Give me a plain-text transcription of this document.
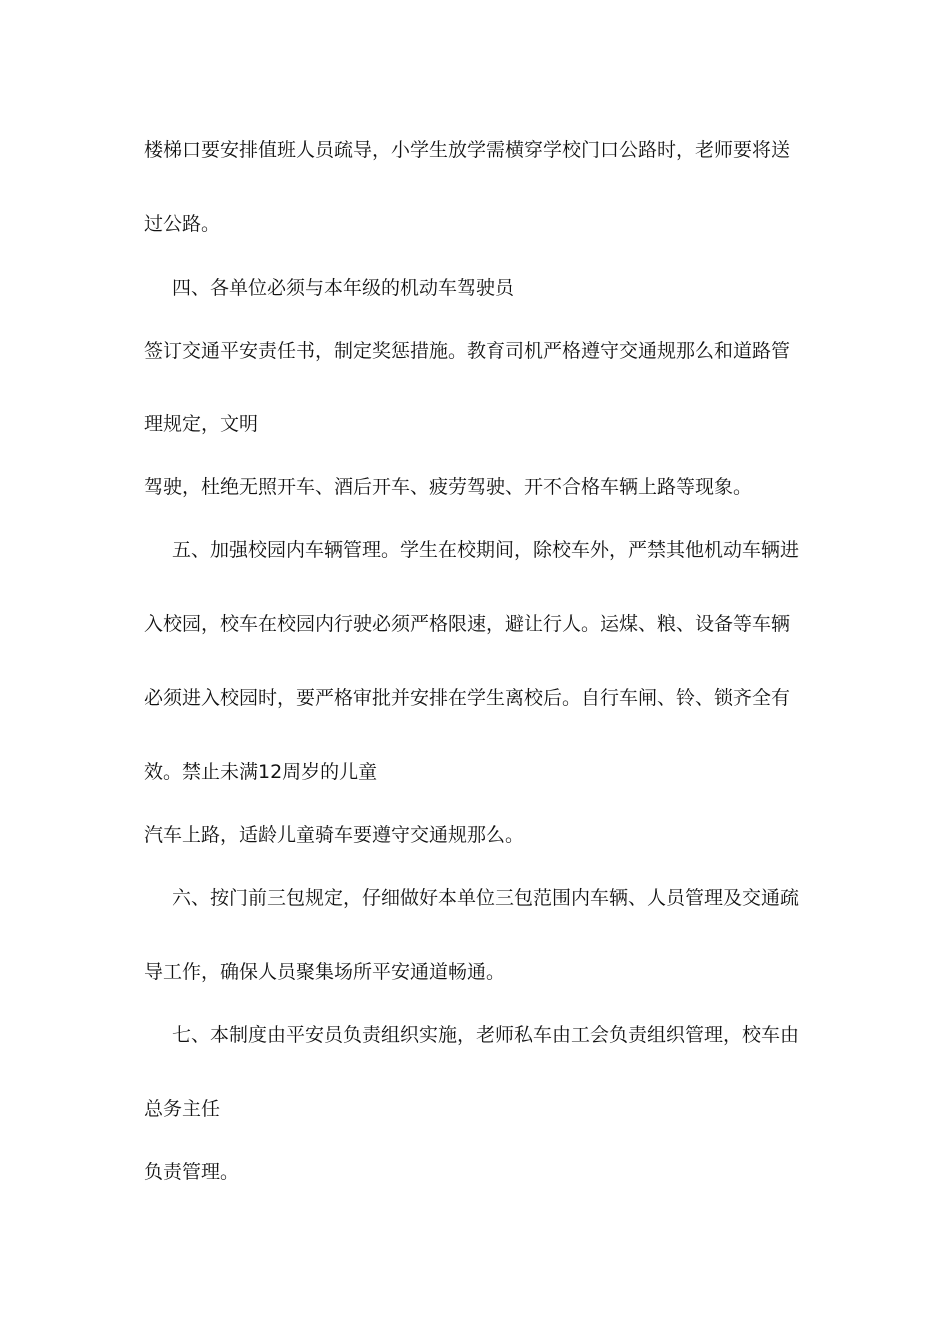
楼梯口要安排值班人员疏导，小学生放学需横穿学校门口公路时，老师要将送
过公路。
四、各单位必须与本年级的机动车驾驶员
签订交通平安责任书，制定奖惩措施。教育司机严格遵守交通规那么和道路管
理规定，文明
驾驶，杜绝无照开车、酒后开车、疲劳驾驶、开不合格车辆上路等现象。
五、加强校园内车辆管理。学生在校期间，除校车外，严禁其他机动车辆进
入校园，校车在校园内行驶必须严格限速，避让行人。运煤、粮、设备等车辆
必须进入校园时，要严格审批并安排在学生离校后。自行车闸、铃、锁齐全有
效。禁止未满12周岁的儿童
汽车上路，适龄儿童骑车要遵守交通规那么。
六、按门前三包规定，仔细做好本单位三包范围内车辆、人员管理及交通疏
导工作，确保人员聚集场所平安通道畅通。
七、本制度由平安员负责组织实施，老师私车由工会负责组织管理，校车由
总务主任
负责管理。
